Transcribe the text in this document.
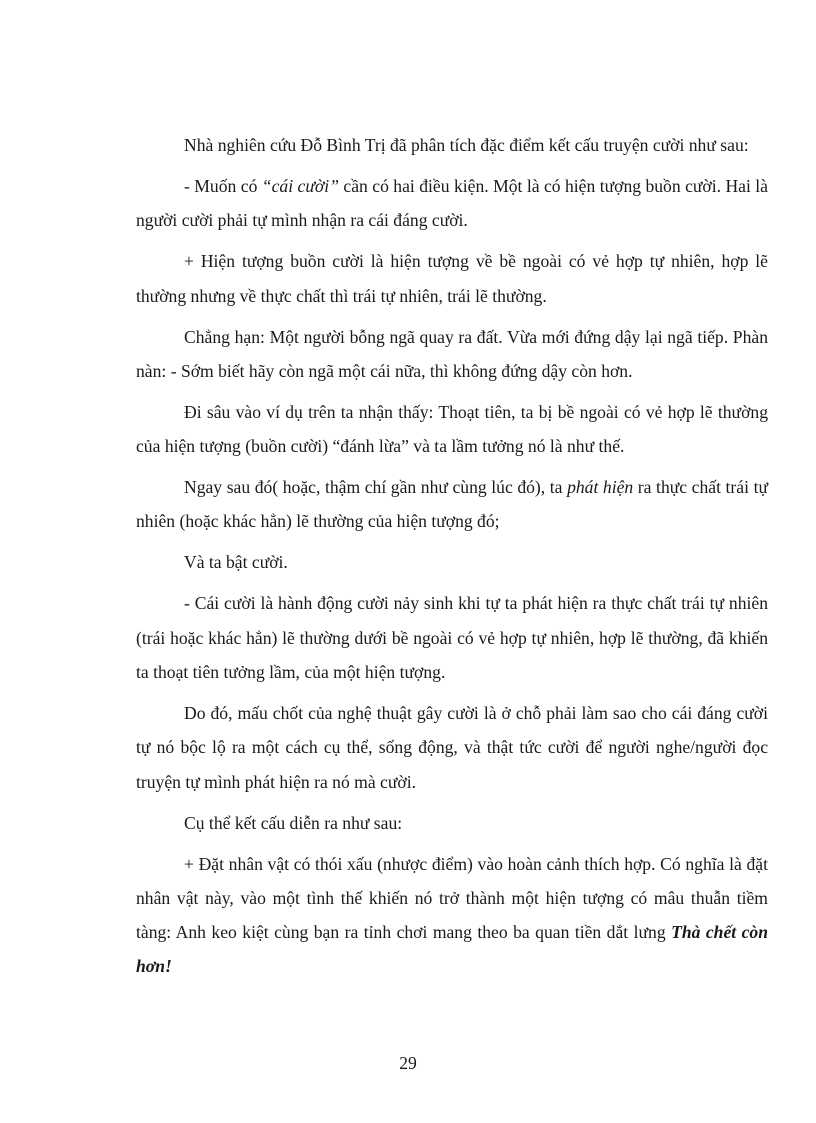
Nhà nghiên cứu Đỗ Bình Trị đã phân tích đặc điểm kết cấu truyện cười như sau:

- Muốn có “cái cười” cần có hai điều kiện. Một là có hiện tượng buồn cười. Hai là người cười phải tự mình nhận ra cái đáng cười.

+ Hiện tượng buồn cười là hiện tượng về bề ngoài có vẻ hợp tự nhiên, hợp lẽ thường nhưng về thực chất thì trái tự nhiên, trái lẽ thường.

Chẳng hạn: Một người bỗng ngã quay ra đất. Vừa mới đứng dậy lại ngã tiếp. Phàn nàn: - Sớm biết hãy còn ngã một cái nữa, thì không đứng dậy còn hơn.

Đi sâu vào ví dụ trên ta nhận thấy: Thoạt tiên, ta bị bề ngoài có vẻ hợp lẽ thường của hiện tượng (buồn cười) “đánh lừa” và ta lầm tưởng nó là như thế.

Ngay sau đó( hoặc, thậm chí gần như cùng lúc đó), ta phát hiện ra thực chất trái tự nhiên (hoặc khác hẳn) lẽ thường của hiện tượng đó;

Và ta bật cười.

- Cái cười là hành động cười nảy sinh khi tự ta phát hiện ra thực chất trái tự nhiên (trái hoặc khác hẳn) lẽ thường dưới bề ngoài có vẻ hợp tự nhiên, hợp lẽ thường, đã khiến ta thoạt tiên tưởng lầm, của một hiện tượng.

Do đó, mấu chốt của nghệ thuật gây cười là ở chỗ phải làm sao cho cái đáng cười tự nó bộc lộ ra một cách cụ thể, sống động, và thật tức cười để người nghe/người đọc truyện tự mình phát hiện ra nó mà cười.

Cụ thể kết cấu diễn ra như sau:

+ Đặt nhân vật có thói xấu (nhược điểm) vào hoàn cảnh thích hợp. Có nghĩa là đặt nhân vật này, vào một tình thế khiến nó trở thành một hiện tượng có mâu thuẫn tiềm tàng: Anh keo kiệt cùng bạn ra tỉnh chơi mang theo ba quan tiền dắt lưng Thà chết còn hơn!

29
